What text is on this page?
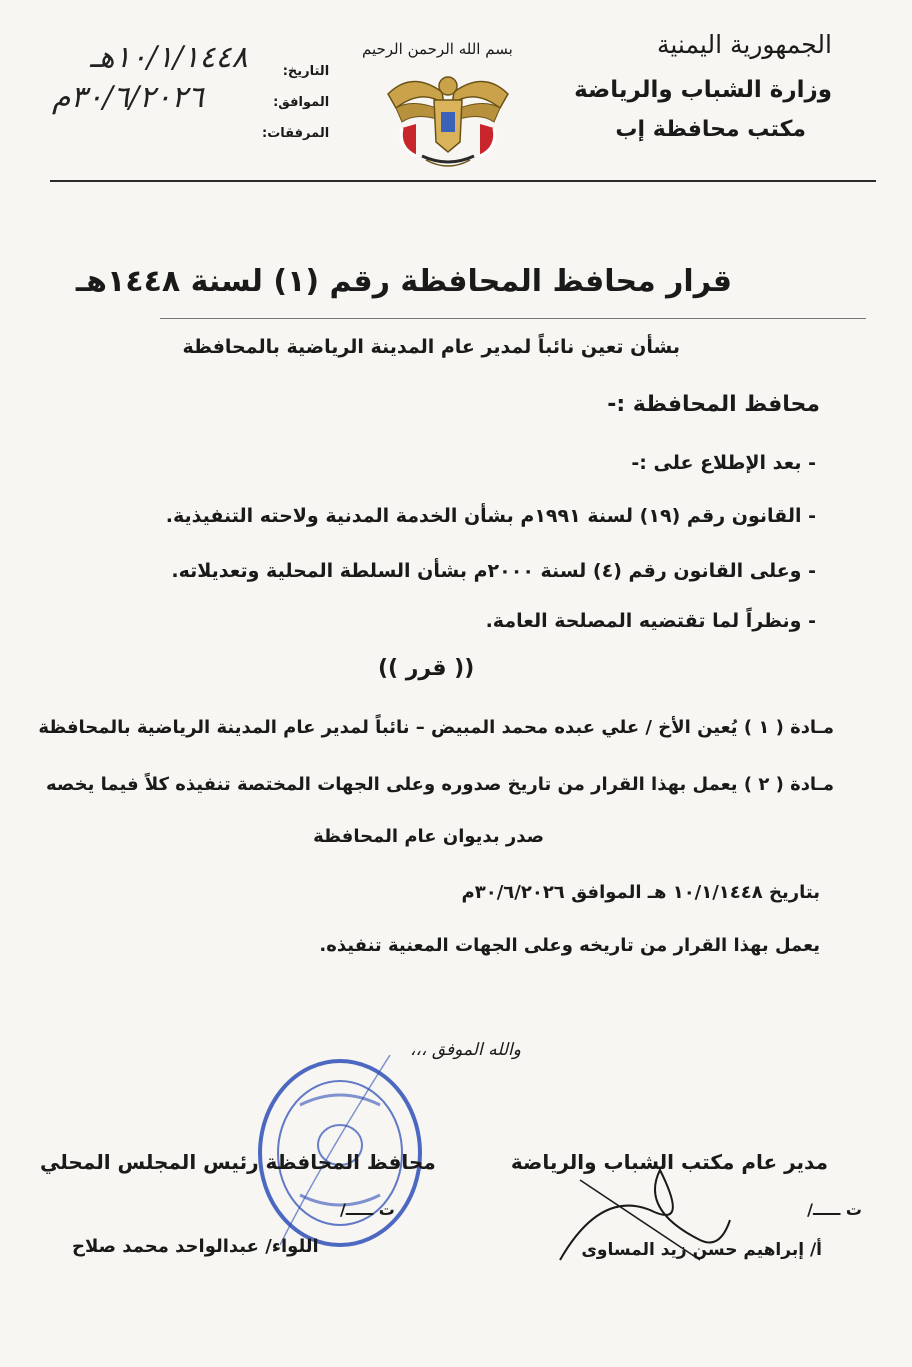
الجمهورية اليمنية
وزارة الشباب والرياضة
مكتب محافظة إب
بسم الله الرحمن الرحيم
التاريخ:
الموافق:
المرفقات:
١٠/١/١٤٤٨هـ
٣٠/٦/٢٠٢٦م
قرار محافظ المحافظة رقم (١) لسنة ١٤٤٨هـ
بشأن تعين نائباً لمدير عام المدينة الرياضية بالمحافظة
محافظ المحافظة :-
- بعد الإطلاع على :-
- القانون رقم (١٩) لسنة ١٩٩١م بشأن الخدمة المدنية ولاحته التنفيذية.
- وعلى القانون رقم (٤) لسنة ٢٠٠٠م بشأن السلطة المحلية وتعديلاته.
- ونظراً لما تقتضيه المصلحة العامة.
(( قرر ))
مـادة ( ١ ) يُعين الأخ / علي عبده محمد المبيض – نائباً لمدير عام المدينة الرياضية بالمحافظة
مـادة ( ٢ ) يعمل بهذا القرار من تاريخ صدوره وعلى الجهات المختصة تنفيذه كلاً فيما يخصه
صدر بديوان عام المحافظة
بتاريخ ١٠/١/١٤٤٨ هـ الموافق ٣٠/٦/٢٠٢٦م
يعمل بهذا القرار من تاريخه وعلى الجهات المعنية تنفيذه.
والله الموفق ،،،
مدير عام مكتب الشباب والرياضة
ت ـــــ/
أ/ إبراهيم حسن زيد المساوى
محافظ المحافظة رئيس المجلس المحلي
ت ـــــ/
اللواء/ عبدالواحد محمد صلاح
